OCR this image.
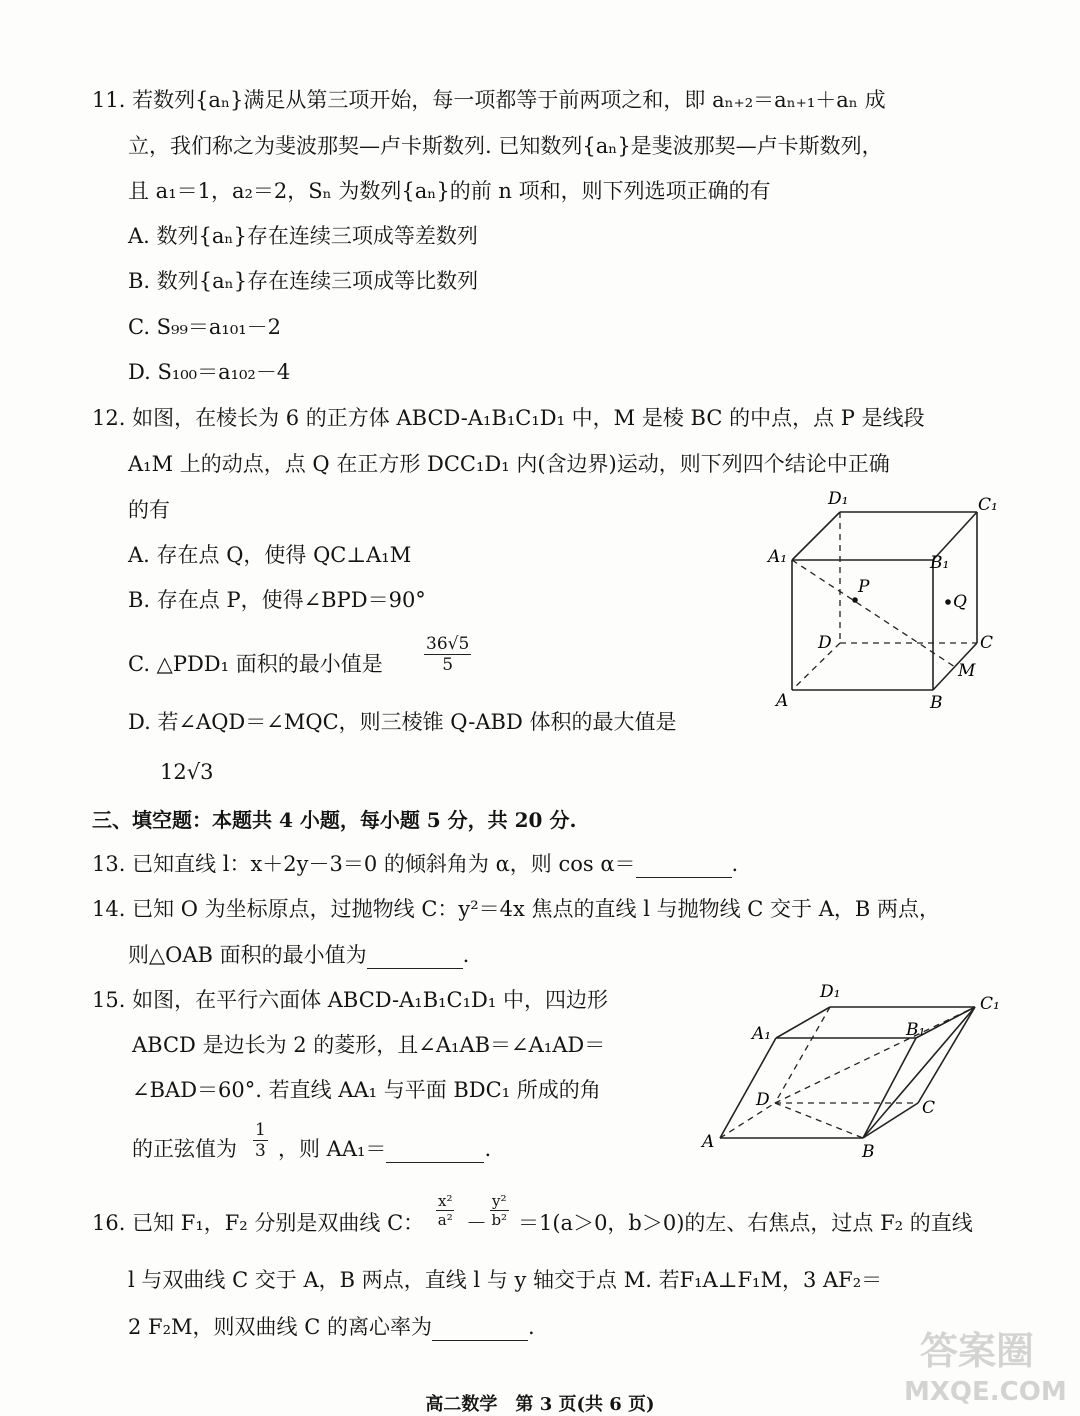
11. 若数列{aₙ}满足从第三项开始，每一项都等于前两项之和，即 aₙ₊₂＝aₙ₊₁＋aₙ 成
立，我们称之为斐波那契—卢卡斯数列. 已知数列{aₙ}是斐波那契—卢卡斯数列，
且 a₁＝1，a₂＝2，Sₙ 为数列{aₙ}的前 n 项和，则下列选项正确的有
A. 数列{aₙ}存在连续三项成等差数列
B. 数列{aₙ}存在连续三项成等比数列
C. S₉₉＝a₁₀₁－2
D. S₁₀₀＝a₁₀₂－4
12. 如图，在棱长为 6 的正方体 ABCD-A₁B₁C₁D₁ 中，M 是棱 BC 的中点，点 P 是线段
A₁M 上的动点，点 Q 在正方形 DCC₁D₁ 内(含边界)运动，则下列四个结论中正确
的有
A. 存在点 Q，使得 QC⊥A₁M
B. 存在点 P，使得∠BPD＝90°
C. △PDD₁ 面积的最小值是 $\frac{36√5}{5}$
D. 若∠AQD＝∠MQC，则三棱锥 Q-ABD 体积的最大值是
12√3
D₁	C₁
A₁	B₁
P
Q
D	C
M
A	B
三、填空题：本题共 4 小题，每小题 5 分，共 20 分.
13. 已知直线 l：x＋2y－3＝0 的倾斜角为 α，则 cos α＝	.
14. 已知 O 为坐标原点，过抛物线 C：y²＝4x 焦点的直线 l 与抛物线 C 交于 A，B 两点，
则△OAB 面积的最小值为	.
15. 如图，在平行六面体 ABCD-A₁B₁C₁D₁ 中，四边形
ABCD 是边长为 2 的菱形，且∠A₁AB＝∠A₁AD＝
∠BAD＝60°. 若直线 AA₁ 与平面 BDC₁ 所成的角
的正弦值为 $\frac{1}{3}$ ，则 AA₁＝	.
D₁
C₁
A₁	B₁
D	C
A	B
16. 已知 F₁，F₂ 分别是双曲线 C： $\frac{\text{x²}}{\text{a²}} - \frac{\text{y²}}{\text{b²}} =1(a>0$，b＞0)的左、右焦点，过点 F₂ 的直线
l 与双曲线 C 交于 A，B 两点，直线 l 与 y 轴交于点 M. 若F₁A⊥F₁M，3 AF₂＝
2 F₂M，则双曲线 C 的离心率为	.
答案圈
MXQE.COM
高二数学　第 3 页(共 6 页)
